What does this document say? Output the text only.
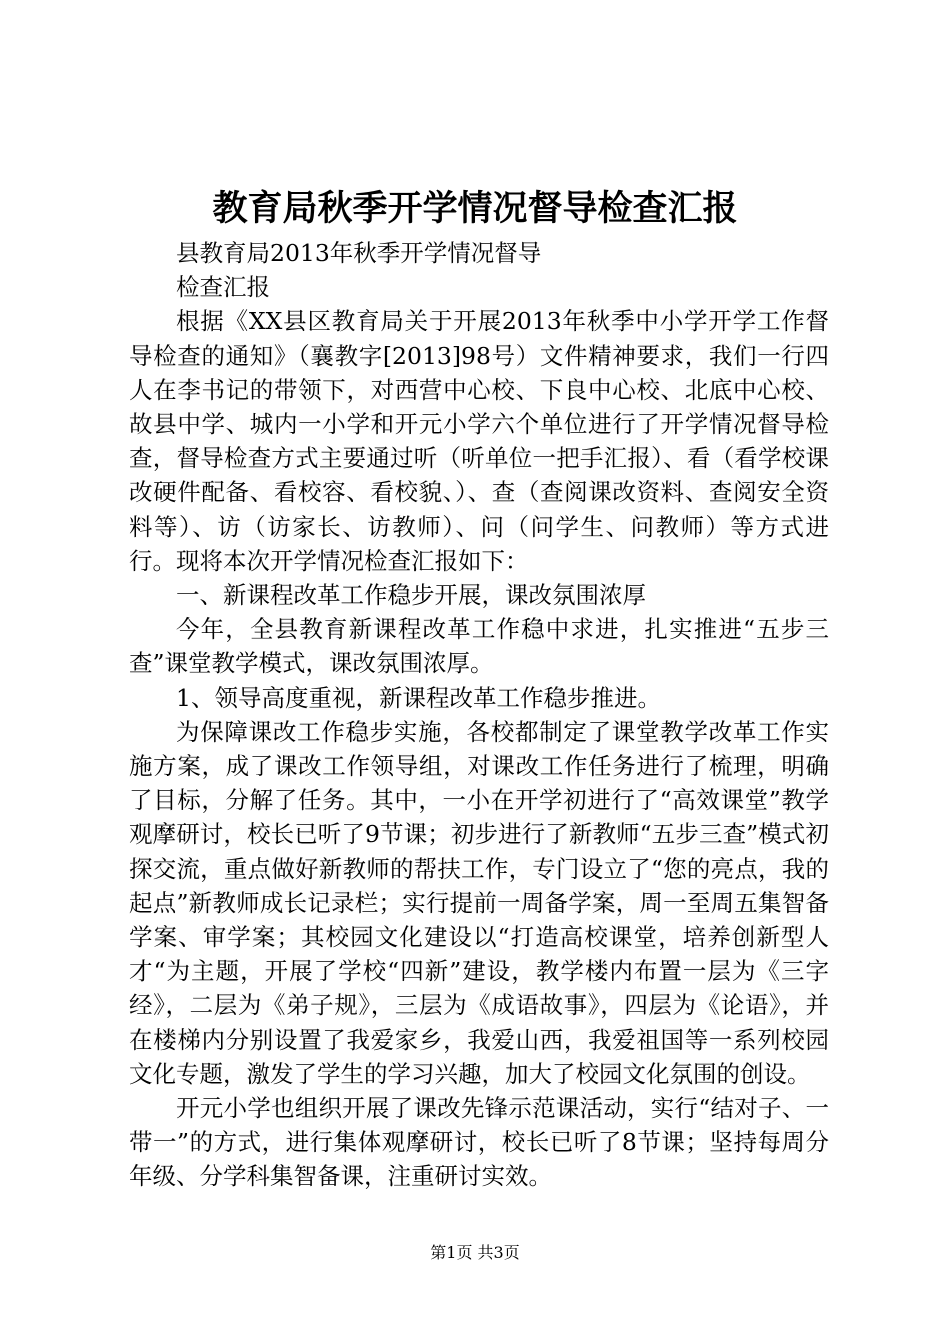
教育局秋季开学情况督导检查汇报

县教育局2013年秋季开学情况督导

检查汇报

根据《XX县区教育局关于开展2013年秋季中小学开学工作督导检查的通知》（襄教字[2013]98号）文件精神要求，我们一行四人在李书记的带领下，对西营中心校、下良中心校、北底中心校、故县中学、城内一小学和开元小学六个单位进行了开学情况督导检查，督导检查方式主要通过听（听单位一把手汇报）、看（看学校课改硬件配备、看校容、看校貌、）、查（查阅课改资料、查阅安全资料等）、访（访家长、访教师）、问（问学生、问教师）等方式进行。现将本次开学情况检查汇报如下：

一、新课程改革工作稳步开展，课改氛围浓厚

今年，全县教育新课程改革工作稳中求进，扎实推进“五步三查”课堂教学模式，课改氛围浓厚。

1、领导高度重视，新课程改革工作稳步推进。

为保障课改工作稳步实施，各校都制定了课堂教学改革工作实施方案，成了课改工作领导组，对课改工作任务进行了梳理，明确了目标，分解了任务。其中，一小在开学初进行了“高效课堂”教学观摩研讨，校长已听了9节课；初步进行了新教师“五步三查”模式初探交流，重点做好新教师的帮扶工作，专门设立了“您的亮点，我的起点”新教师成长记录栏；实行提前一周备学案，周一至周五集智备学案、审学案；其校园文化建设以“打造高校课堂，培养创新型人才“为主题，开展了学校“四新”建设，教学楼内布置一层为《三字经》，二层为《弟子规》，三层为《成语故事》，四层为《论语》，并在楼梯内分别设置了我爱家乡，我爱山西，我爱祖国等一系列校园文化专题，激发了学生的学习兴趣，加大了校园文化氛围的创设。

开元小学也组织开展了课改先锋示范课活动，实行“结对子、一带一”的方式，进行集体观摩研讨，校长已听了8节课；坚持每周分年级、分学科集智备课，注重研讨实效。

第1页 共3页
